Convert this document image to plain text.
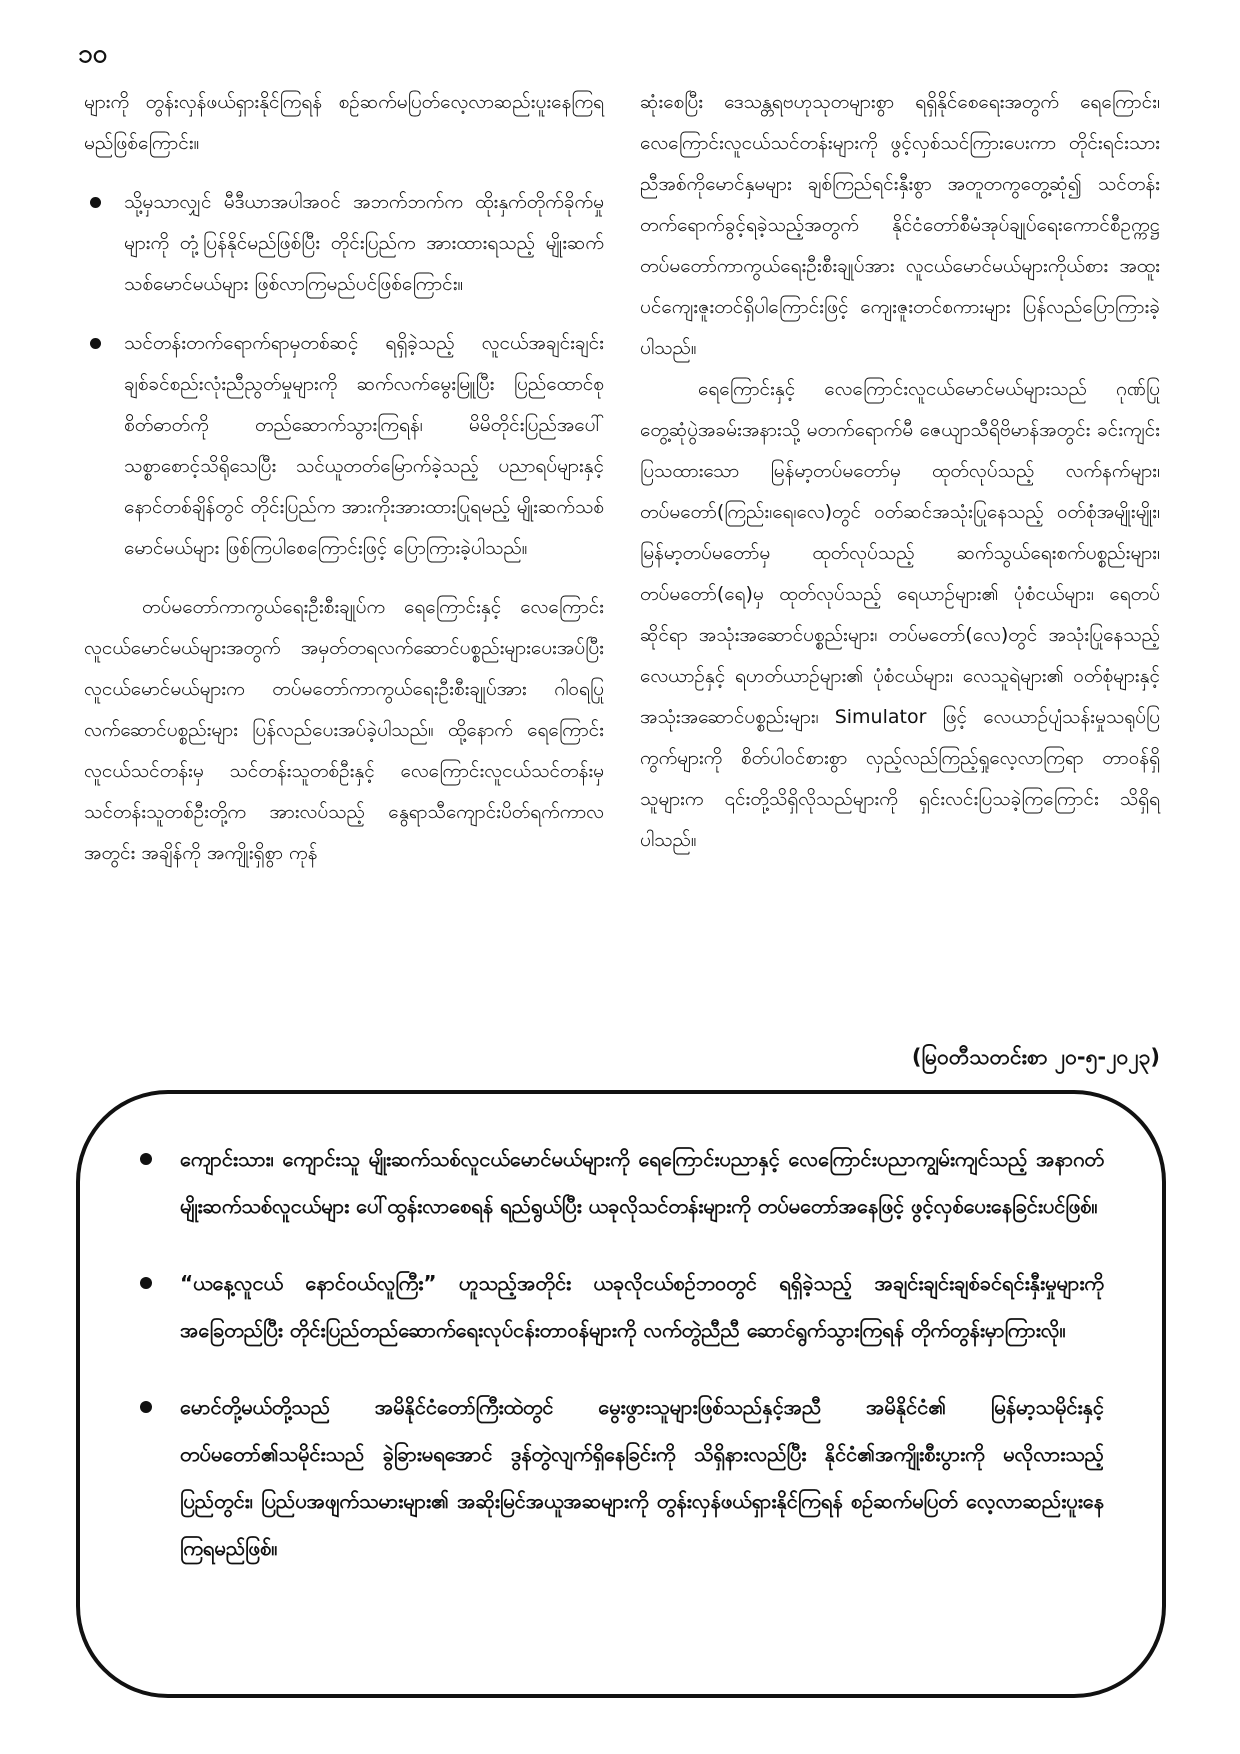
၁၀

များကို တွန်းလှန်ဖယ်ရှားနိုင်ကြရန် စဉ်ဆက်မပြတ်လေ့လာဆည်းပူးနေကြရမည်ဖြစ်ကြောင်း။

သို့မှသာလျှင် မီဒီယာအပါအဝင် အဘက်ဘက်က ထိုးနှက်တိုက်ခိုက်မှုများကို တုံ့ပြန်နိုင်မည်ဖြစ်ပြီး တိုင်းပြည်က အားထားရသည့် မျိုးဆက်သစ်မောင်မယ်များ ဖြစ်လာကြမည်ပင်ဖြစ်ကြောင်း။
သင်တန်းတက်ရောက်ရာမှတစ်ဆင့် ရရှိခဲ့သည့် လူငယ်အချင်းချင်း ချစ်ခင်စည်းလုံးညီညွတ်မှုများကို ဆက်လက်မွေးမြူပြီး ပြည်ထောင်စုစိတ်ဓာတ်ကို တည်ဆောက်သွားကြရန်၊ မိမိတိုင်းပြည်အပေါ် သစ္စာစောင့်သိရိုသေပြီး သင်ယူတတ်မြောက်ခဲ့သည့် ပညာရပ်များနှင့် နောင်တစ်ချိန်တွင် တိုင်းပြည်က အားကိုးအားထားပြုရမည့် မျိုးဆက်သစ်မောင်မယ်များ ဖြစ်ကြပါစေကြောင်းဖြင့် ပြောကြားခဲ့ပါသည်။

တပ်မတော်ကာကွယ်ရေးဦးစီးချုပ်က ရေကြောင်းနှင့် လေကြောင်း လူငယ်မောင်မယ်များအတွက် အမှတ်တရလက်ဆောင်ပစ္စည်းများပေးအပ်ပြီး လူငယ်မောင်မယ်များက တပ်မတော်ကာကွယ်ရေးဦးစီးချုပ်အား ဂါဝရပြုလက်ဆောင်ပစ္စည်းများ ပြန်လည်ပေးအပ်ခဲ့ပါသည်။ ထို့နောက် ရေကြောင်းလူငယ်သင်တန်းမှ သင်တန်းသူတစ်ဦးနှင့် လေကြောင်းလူငယ်သင်တန်းမှ သင်တန်းသူတစ်ဦးတို့က အားလပ်သည့် နွေရာသီကျောင်းပိတ်ရက်ကာလအတွင်း အချိန်ကို အကျိုးရှိစွာ ကုန်

ဆုံးစေပြီး ဒေသန္တရဗဟုသုတများစွာ ရရှိနိုင်စေရေးအတွက် ရေကြောင်း၊ လေကြောင်းလူငယ်သင်တန်းများကို ဖွင့်လှစ်သင်ကြားပေးကာ တိုင်းရင်းသားညီအစ်ကိုမောင်နှမများ ချစ်ကြည်ရင်းနှီးစွာ အတူတကွတွေ့ဆုံ၍ သင်တန်းတက်ရောက်ခွင့်ရခဲ့သည့်အတွက် နိုင်ငံတော်စီမံအုပ်ချုပ်ရေးကောင်စီဥက္ကဋ္ဌ တပ်မတော်ကာကွယ်ရေးဦးစီးချုပ်အား လူငယ်မောင်မယ်များကိုယ်စား အထူးပင်ကျေးဇူးတင်ရှိပါကြောင်းဖြင့် ကျေးဇူးတင်စကားများ ပြန်လည်ပြောကြားခဲ့ပါသည်။

ရေကြောင်းနှင့် လေကြောင်းလူငယ်မောင်မယ်များသည် ဂုဏ်ပြုတွေ့ဆုံပွဲအခမ်းအနားသို့ မတက်ရောက်မီ ဇေယျာသီရိဗိမာန်အတွင်း ခင်းကျင်းပြသထားသော မြန်မာ့တပ်မတော်မှ ထုတ်လုပ်သည့် လက်နက်များ၊ တပ်မတော်(ကြည်း၊ရေ၊လေ)တွင် ဝတ်ဆင်အသုံးပြုနေသည့် ဝတ်စုံအမျိုးမျိုး၊ မြန်မာ့တပ်မတော်မှ ထုတ်လုပ်သည့် ဆက်သွယ်ရေးစက်ပစ္စည်းများ၊ တပ်မတော်(ရေ)မှ ထုတ်လုပ်သည့် ရေယာဉ်များ၏ ပုံစံငယ်များ၊ ရေတပ်ဆိုင်ရာ အသုံးအဆောင်ပစ္စည်းများ၊ တပ်မတော်(လေ)တွင် အသုံးပြုနေသည့် လေယာဉ်နှင့် ရဟတ်ယာဉ်များ၏ ပုံစံငယ်များ၊ လေသူရဲများ၏ ဝတ်စုံများနှင့် အသုံးအဆောင်ပစ္စည်းများ၊ Simulator ဖြင့် လေယာဉ်ပျံသန်းမှုသရုပ်ပြကွက်များကို စိတ်ပါဝင်စားစွာ လှည့်လည်ကြည့်ရှုလေ့လာကြရာ တာဝန်ရှိသူများက ၎င်းတို့သိရှိလိုသည်များကို ရှင်းလင်းပြသခဲ့ကြကြောင်း သိရှိရပါသည်။

(မြဝတီသတင်းစာ ၂၀-၅-၂၀၂၃)
ကျောင်းသား၊ ကျောင်းသူ မျိုးဆက်သစ်လူငယ်မောင်မယ်များကို ရေကြောင်းပညာနှင့် လေကြောင်းပညာကျွမ်းကျင်သည့် အနာဂတ်မျိုးဆက်သစ်လူငယ်များ ပေါ်ထွန်းလာစေရန် ရည်ရွယ်ပြီး ယခုလိုသင်တန်းများကို တပ်မတော်အနေဖြင့် ဖွင့်လှစ်ပေးနေခြင်းပင်ဖြစ်။
“ယနေ့လူငယ် နောင်ဝယ်လူကြီး” ဟူသည့်အတိုင်း ယခုလိုငယ်စဉ်ဘဝတွင် ရရှိခဲ့သည့် အချင်းချင်းချစ်ခင်ရင်းနှီးမှုများကို အခြေတည်ပြီး တိုင်းပြည်တည်ဆောက်ရေးလုပ်ငန်းတာဝန်များကို လက်တွဲညီညီ ဆောင်ရွက်သွားကြရန် တိုက်တွန်းမှာကြားလို။
မောင်တို့မယ်တို့သည် အမိနိုင်ငံတော်ကြီးထဲတွင် မွေးဖွားသူများဖြစ်သည်နှင့်အညီ အမိနိုင်ငံ၏ မြန်မာ့သမိုင်းနှင့် တပ်မတော်၏သမိုင်းသည် ခွဲခြားမရအောင် ဒွန်တွဲလျက်ရှိနေခြင်းကို သိရှိနားလည်ပြီး နိုင်ငံ၏အကျိုးစီးပွားကို မလိုလားသည့် ပြည်တွင်း၊ ပြည်ပအဖျက်သမားများ၏ အဆိုးမြင်အယူအဆများကို တွန်းလှန်ဖယ်ရှားနိုင်ကြရန် စဉ်ဆက်မပြတ် လေ့လာဆည်းပူးနေကြရမည်ဖြစ်။
